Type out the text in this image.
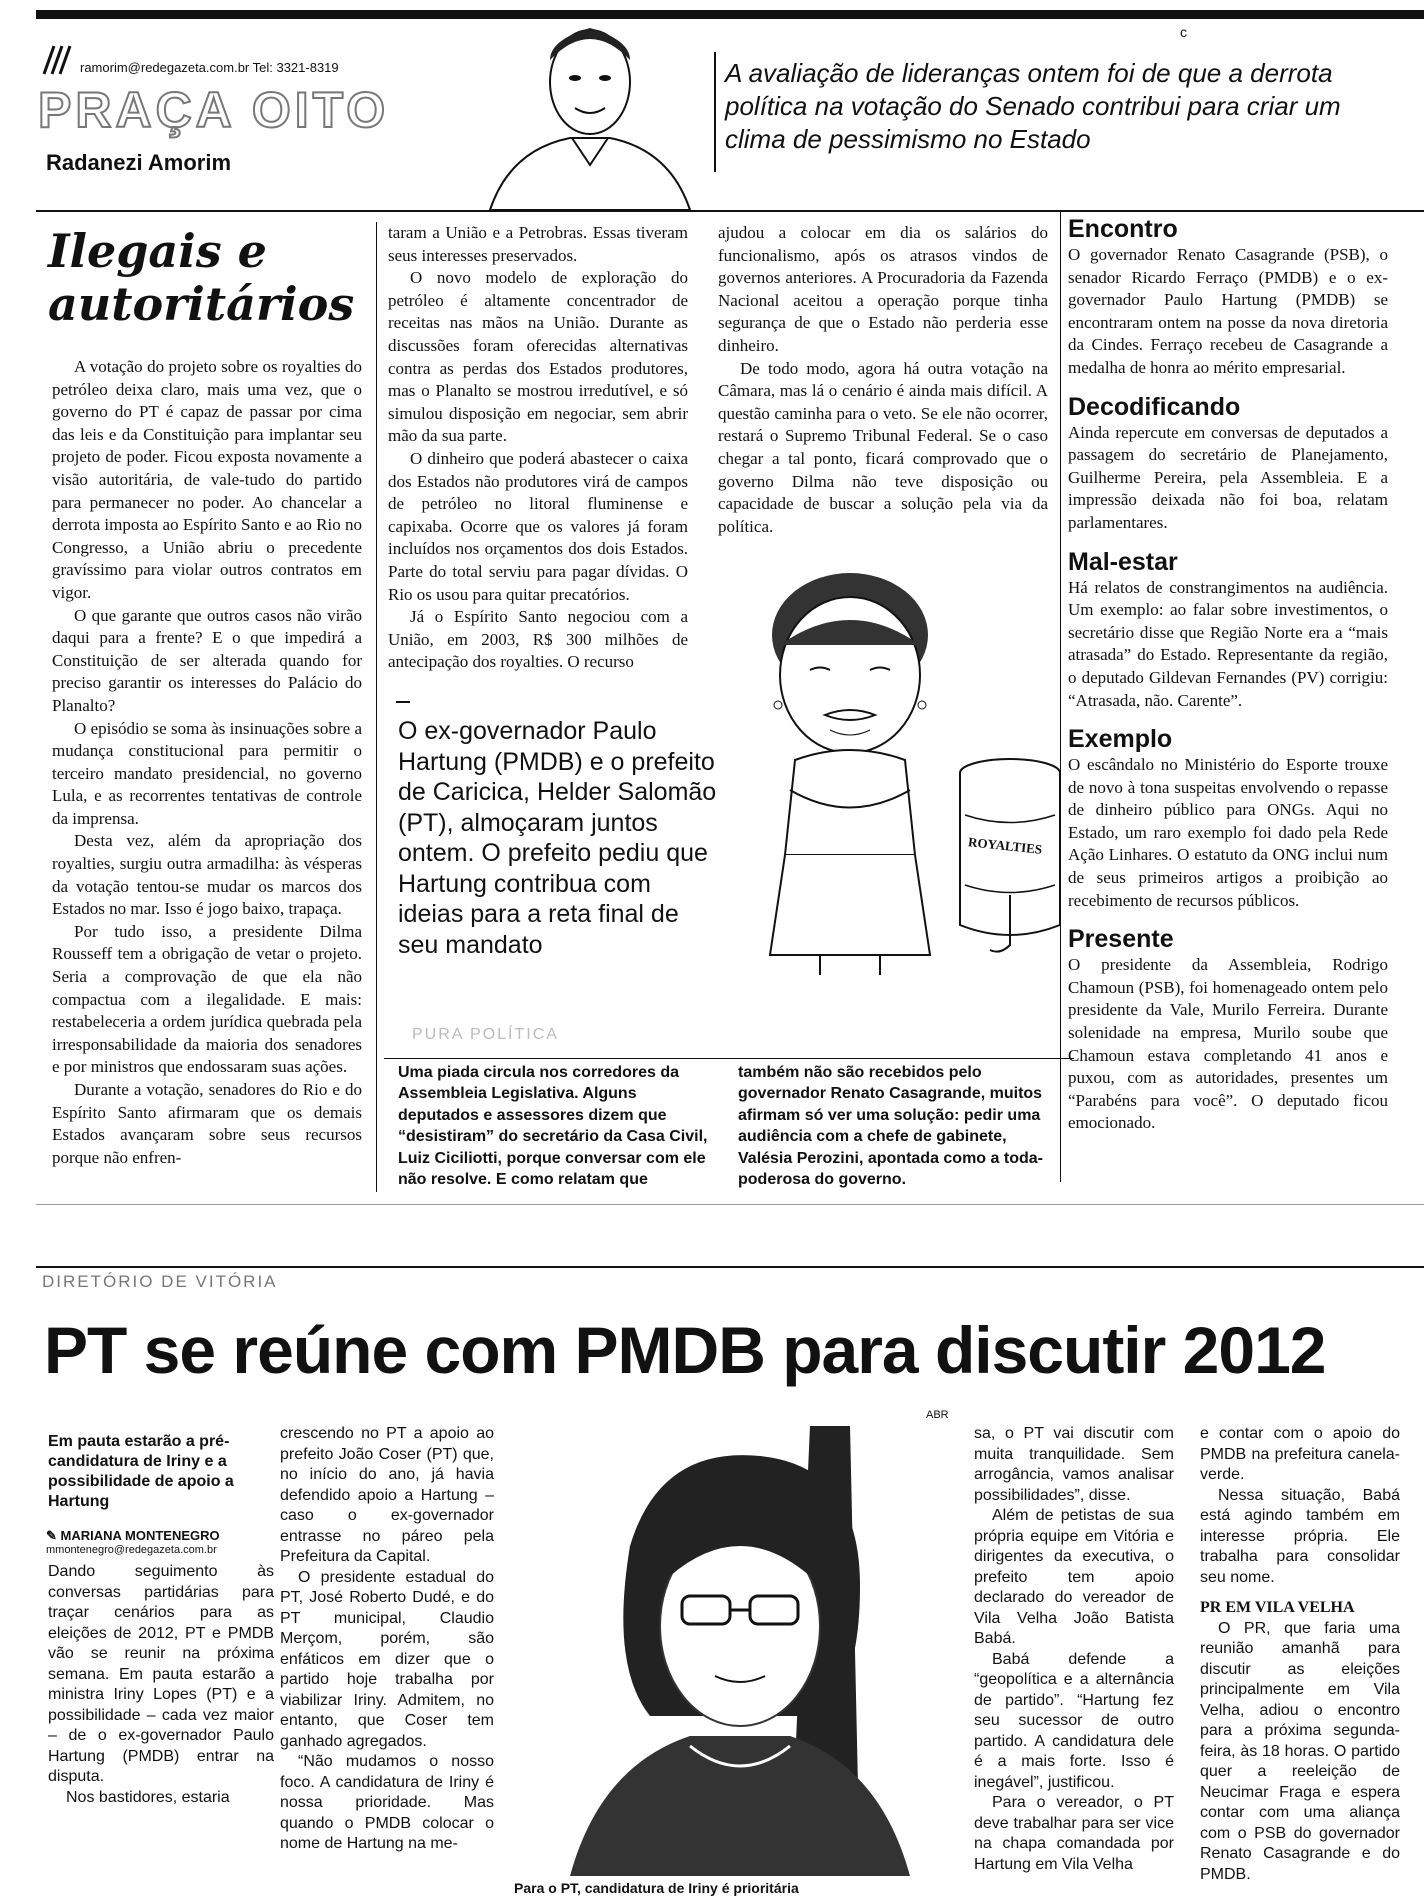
ramorim@redegazeta.com.br Tel: 3321-8319
PRAÇA OITO
Radanezi Amorim
A avaliação de lideranças ontem foi de que a derrota política na votação do Senado contribui para criar um clima de pessimismo no Estado
c
Ilegais e autoritários

A votação do projeto sobre os royalties do petróleo deixa claro, mais uma vez, que o governo do PT é capaz de passar por cima das leis e da Constituição para implantar seu projeto de poder. Ficou exposta novamente a visão autoritária, de vale-tudo do partido para permanecer no poder. Ao chancelar a derrota imposta ao Espírito Santo e ao Rio no Congresso, a União abriu o precedente gravíssimo para violar outros contratos em vigor.

O que garante que outros casos não virão daqui para a frente? E o que impedirá a Constituição de ser alterada quando for preciso garantir os interesses do Palácio do Planalto?

O episódio se soma às insinuações sobre a mudança constitucional para permitir o terceiro mandato presidencial, no governo Lula, e as recorrentes tentativas de controle da imprensa.

Desta vez, além da apropriação dos royalties, surgiu outra armadilha: às vésperas da votação tentou-se mudar os marcos dos Estados no mar. Isso é jogo baixo, trapaça.

Por tudo isso, a presidente Dilma Rousseff tem a obrigação de vetar o projeto. Seria a comprovação de que ela não compactua com a ilegalidade. E mais: restabeleceria a ordem jurídica quebrada pela irresponsabilidade da maioria dos senadores e por ministros que endossaram suas ações.

Durante a votação, senadores do Rio e do Espírito Santo afirmaram que os demais Estados avançaram sobre seus recursos porque não enfren-

taram a União e a Petrobras. Essas tiveram seus interesses preservados.

O novo modelo de exploração do petróleo é altamente concentrador de receitas nas mãos na União. Durante as discussões foram oferecidas alternativas contra as perdas dos Estados produtores, mas o Planalto se mostrou irredutível, e só simulou disposição em negociar, sem abrir mão da sua parte.

O dinheiro que poderá abastecer o caixa dos Estados não produtores virá de campos de petróleo no litoral fluminense e capixaba. Ocorre que os valores já foram incluídos nos orçamentos dos dois Estados. Parte do total serviu para pagar dívidas. O Rio os usou para quitar precatórios.

Já o Espírito Santo negociou com a União, em 2003, R$ 300 milhões de antecipação dos royalties. O recurso

ajudou a colocar em dia os salários do funcionalismo, após os atrasos vindos de governos anteriores. A Procuradoria da Fazenda Nacional aceitou a operação porque tinha segurança de que o Estado não perderia esse dinheiro.

De todo modo, agora há outra votação na Câmara, mas lá o cenário é ainda mais difícil. A questão caminha para o veto. Se ele não ocorrer, restará o Supremo Tribunal Federal. Se o caso chegar a tal ponto, ficará comprovado que o governo Dilma não teve disposição ou capacidade de buscar a solução pela via da política.

O ex-governador Paulo Hartung (PMDB) e o prefeito de Caricica, Helder Salomão (PT), almoçaram juntos ontem. O prefeito pediu que Hartung contribua com ideias para a reta final de seu mandato
ROYALTIES
PURA POLÍTICA
Uma piada circula nos corredores da Assembleia Legislativa. Alguns deputados e assessores dizem que “desistiram” do secretário da Casa Civil, Luiz Ciciliotti, porque conversar com ele não resolve. E como relatam que
também não são recebidos pelo governador Renato Casagrande, muitos afirmam só ver uma solução: pedir uma audiência com a chefe de gabinete, Valésia Perozini, apontada como a toda-poderosa do governo.
Encontro

O governador Renato Casagrande (PSB), o senador Ricardo Ferraço (PMDB) e o ex-governador Paulo Hartung (PMDB) se encontraram ontem na posse da nova diretoria da Cindes. Ferraço recebeu de Casagrande a medalha de honra ao mérito empresarial.

Decodificando

Ainda repercute em conversas de deputados a passagem do secretário de Planejamento, Guilherme Pereira, pela Assembleia. E a impressão deixada não foi boa, relatam parlamentares.

Mal-estar

Há relatos de constrangimentos na audiência. Um exemplo: ao falar sobre investimentos, o secretário disse que Região Norte era a “mais atrasada” do Estado. Representante da região, o deputado Gildevan Fernandes (PV) corrigiu: “Atrasada, não. Carente”.

Exemplo

O escândalo no Ministério do Esporte trouxe de novo à tona suspeitas envolvendo o repasse de dinheiro público para ONGs. Aqui no Estado, um raro exemplo foi dado pela Rede Ação Linhares. O estatuto da ONG inclui num de seus primeiros artigos a proibição ao recebimento de recursos públicos.

Presente

O presidente da Assembleia, Rodrigo Chamoun (PSB), foi homenageado ontem pelo presidente da Vale, Murilo Ferreira. Durante solenidade na empresa, Murilo soube que Chamoun estava completando 41 anos e puxou, com as autoridades, presentes um “Parabéns para você”. O deputado ficou emocionado.

DIRETÓRIO DE VITÓRIA
PT se reúne com PMDB para discutir 2012
Em pauta estarão a pré-candidatura de Iriny e a possibilidade de apoio a Hartung
✎ MARIANA MONTENEGRO
mmontenegro@redegazeta.com.br

Dando seguimento às conversas partidárias para traçar cenários para as eleições de 2012, PT e PMDB vão se reunir na próxima semana. Em pauta estarão a ministra Iriny Lopes (PT) e a possibilidade – cada vez maior – de o ex-governador Paulo Hartung (PMDB) entrar na disputa.

Nos bastidores, estaria

crescendo no PT a apoio ao prefeito João Coser (PT) que, no início do ano, já havia defendido apoio a Hartung – caso o ex-governador entrasse no páreo pela Prefeitura da Capital.

O presidente estadual do PT, José Roberto Dudé, e do PT municipal, Claudio Merçom, porém, são enfáticos em dizer que o partido hoje trabalha por viabilizar Iriny. Admitem, no entanto, que Coser tem ganhado agregados.

“Não mudamos o nosso foco. A candidatura de Iriny é nossa prioridade. Mas quando o PMDB colocar o nome de Hartung na me-

ABR
Para o PT, candidatura de Iriny é prioritária

sa, o PT vai discutir com muita tranquilidade. Sem arrogância, vamos analisar possibilidades”, disse.

Além de petistas de sua própria equipe em Vitória e dirigentes da executiva, o prefeito tem apoio declarado do vereador de Vila Velha João Batista Babá.

Babá defende a “geopolítica e a alternância de partido”. “Hartung fez seu sucessor de outro partido. A candidatura dele é a mais forte. Isso é inegável”, justificou.

Para o vereador, o PT deve trabalhar para ser vice na chapa comandada por Hartung em Vila Velha

e contar com o apoio do PMDB na prefeitura canela-verde.

Nessa situação, Babá está agindo também em interesse própria. Ele trabalha para consolidar seu nome.

PR EM VILA VELHA

O PR, que faria uma reunião amanhã para discutir as eleições principalmente em Vila Velha, adiou o encontro para a próxima segunda-feira, às 18 horas. O partido quer a reeleição de Neucimar Fraga e espera contar com uma aliança com o PSB do governador Renato Casagrande e do PMDB.
